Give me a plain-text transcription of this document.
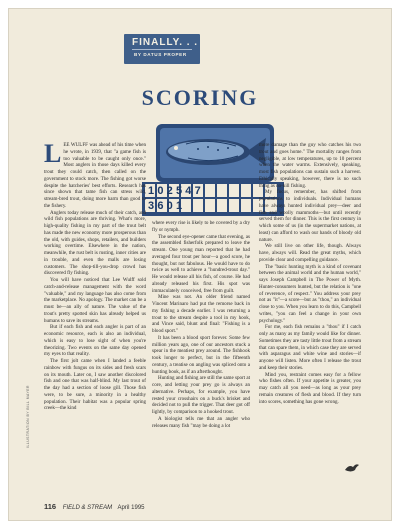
FINALLY. . .
BY DATUS PROPER
SCORING
102547
3601

LEE WULFF was ahead of his time when he wrote, in 1939, that "a game fish is too valuable to be caught only once." Most anglers in those days killed every trout they could catch, then called on the government to stock more. The fishing got worse despite the hatcheries' best efforts. Research has since shown that tame fish can stress wild, stream-bred trout, doing more harm than good to the fishery.

Anglers today release much of their catch, and wild fish populations are thriving. What's more, high-quality fishing in my part of the trout belt has made the new economy more prosperous than the old, with guides, shops, retailers, and builders working overtime. Elsewhere in the nation, meanwhile, the rust belt is rusting, inner cities are in trouble, and even the malls are losing customers. The shop-till-you-drop crowd has discovered fly fishing.

You will have noticed that Lee Wulff sold catch-and-release management with the word "valuable," and my language has also come from the marketplace. No apology. The market can be a must be—an ally of nature. The value of the trout's pretty spotted skin has already helped us humans to save its streams.

But if each fish and each angler is part of an economic resource, each is also an individual, which is easy to lose sight of when you're theorizing. Two events on the same day opened my eyes to that reality.

The first jolt came when I landed a feeble rainbow with fungus on its sides and fresh scars on its mouth. Later on, I saw another discolored fish and one that was half-blind. My last trout of the day had a section of loose gill. Those fish were, to be sure, a minority in a healthy population. Their habitat was a popular spring creek—the kind

where every rise is likely to be covered by a dry fly or nymph.

The second eye-opener came that evening, as the assembled fisherfolk prepared to leave the stream. One young man reported that he had averaged four trout per hour—a good score, he thought, but not fabulous. He would have to do twice as well to achieve a "hundred-trout day." He would release all his fish, of course. He had already released his first. His spot was immaculately conceived, free from guilt.

Mine was not. An older friend named Vincent Marinaro had put the remorse back in my fishing a decade earlier. I was returning a trout to the stream despite a tool in my hook, and Vince said, blunt and final: "Fishing is a blood sport."

It has been a blood sport forever. Some few million years ago, one of our ancestors stuck a spear in the meatiest prey around. The fishhook took longer to perfect, but in the fifteenth century, a treatise on angling was spliced onto a hunting book, as if an afterthought.

Hunting and fishing are still the same sport at core, and letting your prey go is always an alternative. Perhaps, for example, you have rested your crosshairs on a buck's brisket and decided not to pull the trigger. That deer got off lightly, by comparison to a hooked trout.

A biologist tells me that an angler who releases many fish "may be doing a lot

more damage than the guy who catches his two trout and goes home." The mortality ranges from negligible, at low temperatures, up to 10 percent when the water warms. Extensively, speaking, most fish populations can sustain such a harvest. Ethically speaking, however, there is no such thing as no-kill fishing.

My focus, remember, has shifted from populations to individuals. Individual humans have always hunted individual prey—deer and fish and woolly mammoths—but until recently served them for dinner. This is the first century in which some of us (in the supermarket nations, at least) can afford to wash our hands of bloody old nature.

We still live on other life, though. Always have, always will. Read the great myths, which provide clear and compelling guidance.

The "basic hunting myth is a kind of covenant between the animal world and the human world," says Joseph Campbell in The Power of Myth. Hunter-consumers hunted, but the relation is "one of reverence, of respect." You address your prey not as "it"—a score—but as "thou," an individual close to you. When you learn to do this, Campbell writes, "you can feel a change in your own psychology."

For me, each fish remains a "thou" if I catch only as many as my family would like for dinner. Sometimes they are tasty little trout from a stream that can spare them, in which case they are served with asparagus and white wine and stories—if anyone will listen. More often I release the trout and keep their stories.

Mind you, restraint comes easy for a fellow who fishes often. If your appetite is greater, you may catch all you need—as long as your prey remain creatures of flesh and blood. If they turn into scores, something has gone wrong.

ILLUSTRATION BY BILL MAYER
116 FIELD & STREAM April 1995
